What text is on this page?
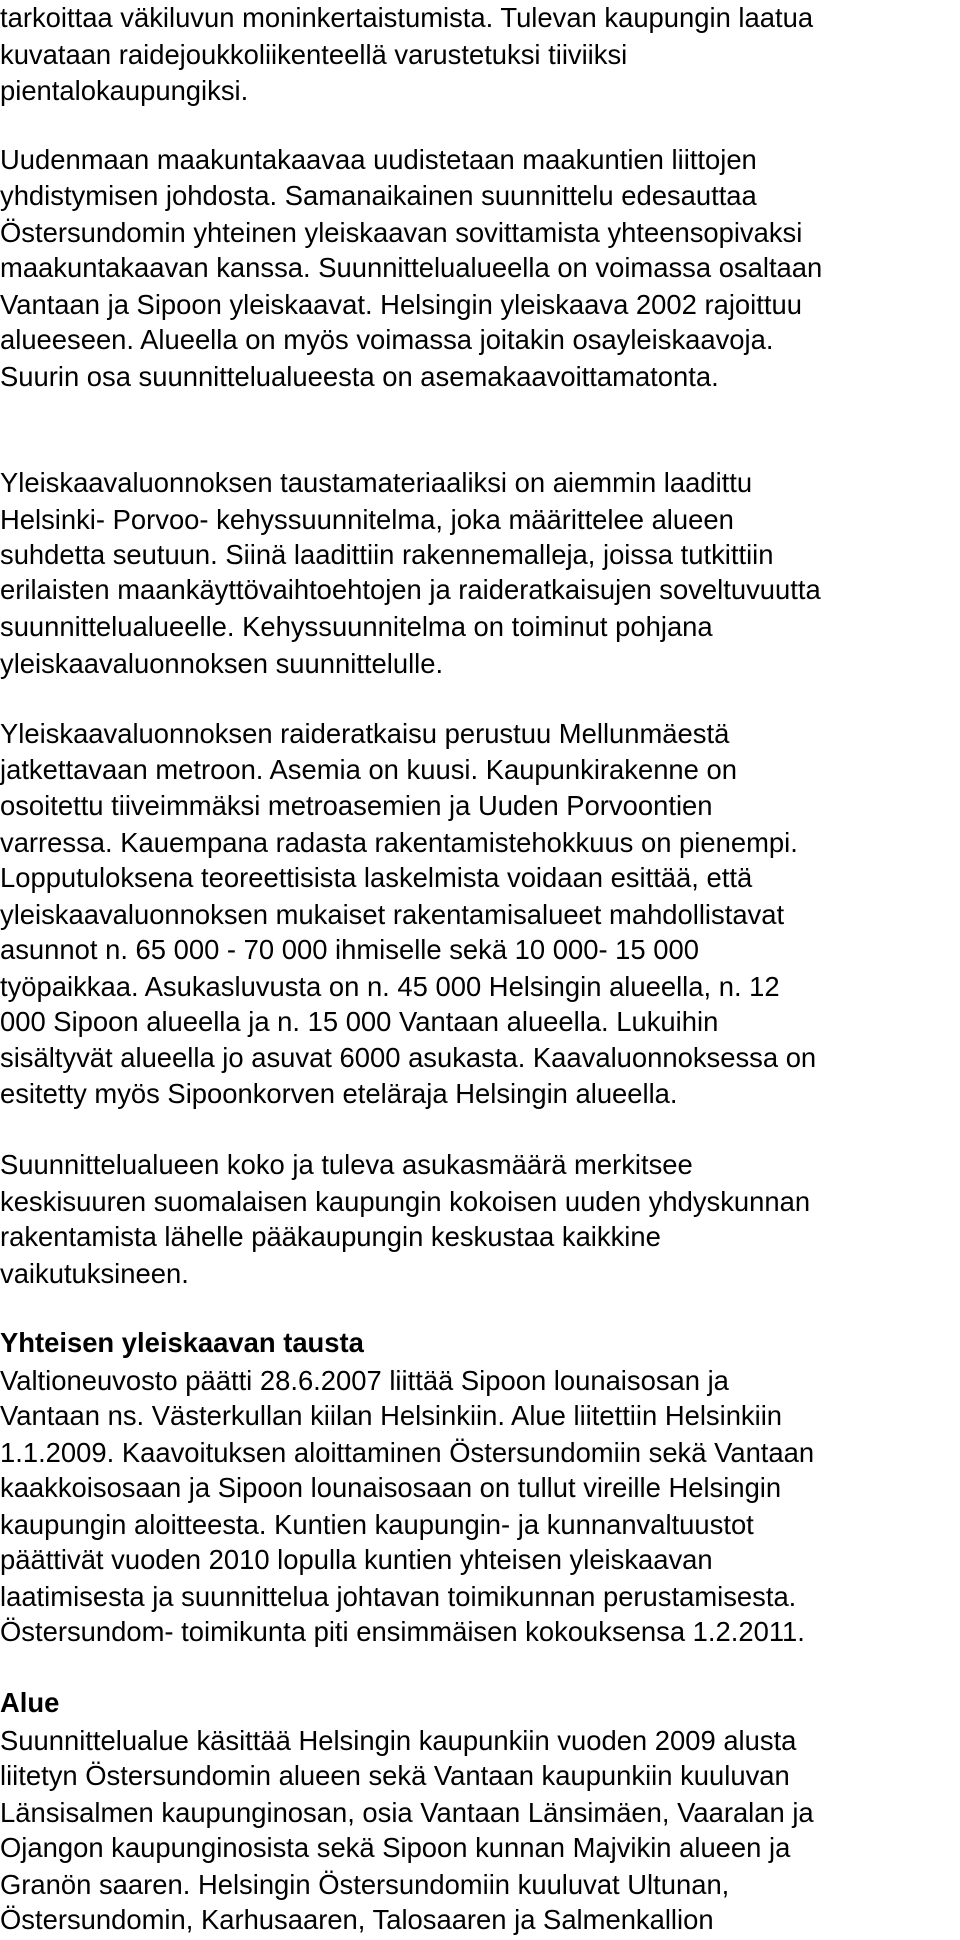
tarkoittaa väkiluvun moninkertaistumista. Tulevan kaupungin laatua
kuvataan raidejoukkoliikenteellä varustetuksi tiiviiksi
pientalokaupungiksi.
Uudenmaan maakuntakaavaa uudistetaan maakuntien liittojen
yhdistymisen johdosta. Samanaikainen suunnittelu edesauttaa
Östersundomin yhteinen yleiskaavan sovittamista yhteensopivaksi
maakuntakaavan kanssa. Suunnittelualueella on voimassa osaltaan
Vantaan ja Sipoon yleiskaavat. Helsingin yleiskaava 2002 rajoittuu
alueeseen. Alueella on myös voimassa joitakin osayleiskaavoja.
Suurin osa suunnittelualueesta on asemakaavoittamatonta.
Yleiskaavaluonnoksen taustamateriaaliksi on aiemmin laadittu
Helsinki- Porvoo- kehyssuunnitelma, joka määrittelee alueen
suhdetta seutuun. Siinä laadittiin rakennemalleja, joissa tutkittiin
erilaisten maankäyttövaihtoehtojen ja raideratkaisujen soveltuvuutta
suunnittelualueelle. Kehyssuunnitelma on toiminut pohjana
yleiskaavaluonnoksen suunnittelulle.
Yleiskaavaluonnoksen raideratkaisu perustuu Mellunmäestä
jatkettavaan metroon. Asemia on kuusi. Kaupunkirakenne on
osoitettu tiiveimmäksi metroasemien ja Uuden Porvoontien
varressa. Kauempana radasta rakentamistehokkuus on pienempi.
Lopputuloksena teoreettisista laskelmista voidaan esittää, että
yleiskaavaluonnoksen mukaiset rakentamisalueet mahdollistavat
asunnot n. 65 000 - 70 000 ihmiselle sekä 10 000- 15 000
työpaikkaa. Asukasluvusta on n. 45 000 Helsingin alueella, n. 12
000 Sipoon alueella ja n. 15 000 Vantaan alueella. Lukuihin
sisältyvät alueella jo asuvat 6000 asukasta. Kaavaluonnoksessa on
esitetty myös Sipoonkorven eteläraja Helsingin alueella.
Suunnittelualueen koko ja tuleva asukasmäärä merkitsee
keskisuuren suomalaisen kaupungin kokoisen uuden yhdyskunnan
rakentamista lähelle pääkaupungin keskustaa kaikkine
vaikutuksineen.
Yhteisen yleiskaavan tausta
Valtioneuvosto päätti 28.6.2007 liittää Sipoon lounaisosan ja
Vantaan ns. Västerkullan kiilan Helsinkiin. Alue liitettiin Helsinkiin
1.1.2009. Kaavoituksen aloittaminen Östersundomiin sekä Vantaan
kaakkoisosaan ja Sipoon lounaisosaan on tullut vireille Helsingin
kaupungin aloitteesta. Kuntien kaupungin- ja kunnanvaltuustot
päättivät vuoden 2010 lopulla kuntien yhteisen yleiskaavan
laatimisesta ja suunnittelua johtavan toimikunnan perustamisesta.
Östersundom- toimikunta piti ensimmäisen kokouksensa 1.2.2011.
Alue
Suunnittelualue käsittää Helsingin kaupunkiin vuoden 2009 alusta
liitetyn Östersundomin alueen sekä Vantaan kaupunkiin kuuluvan
Länsisalmen kaupunginosan, osia Vantaan Länsimäen, Vaaralan ja
Ojangon kaupunginosista sekä Sipoon kunnan Majvikin alueen ja
Granön saaren. Helsingin Östersundomiin kuuluvat Ultunan,
Östersundomin, Karhusaaren, Talosaaren ja Salmenkallion
